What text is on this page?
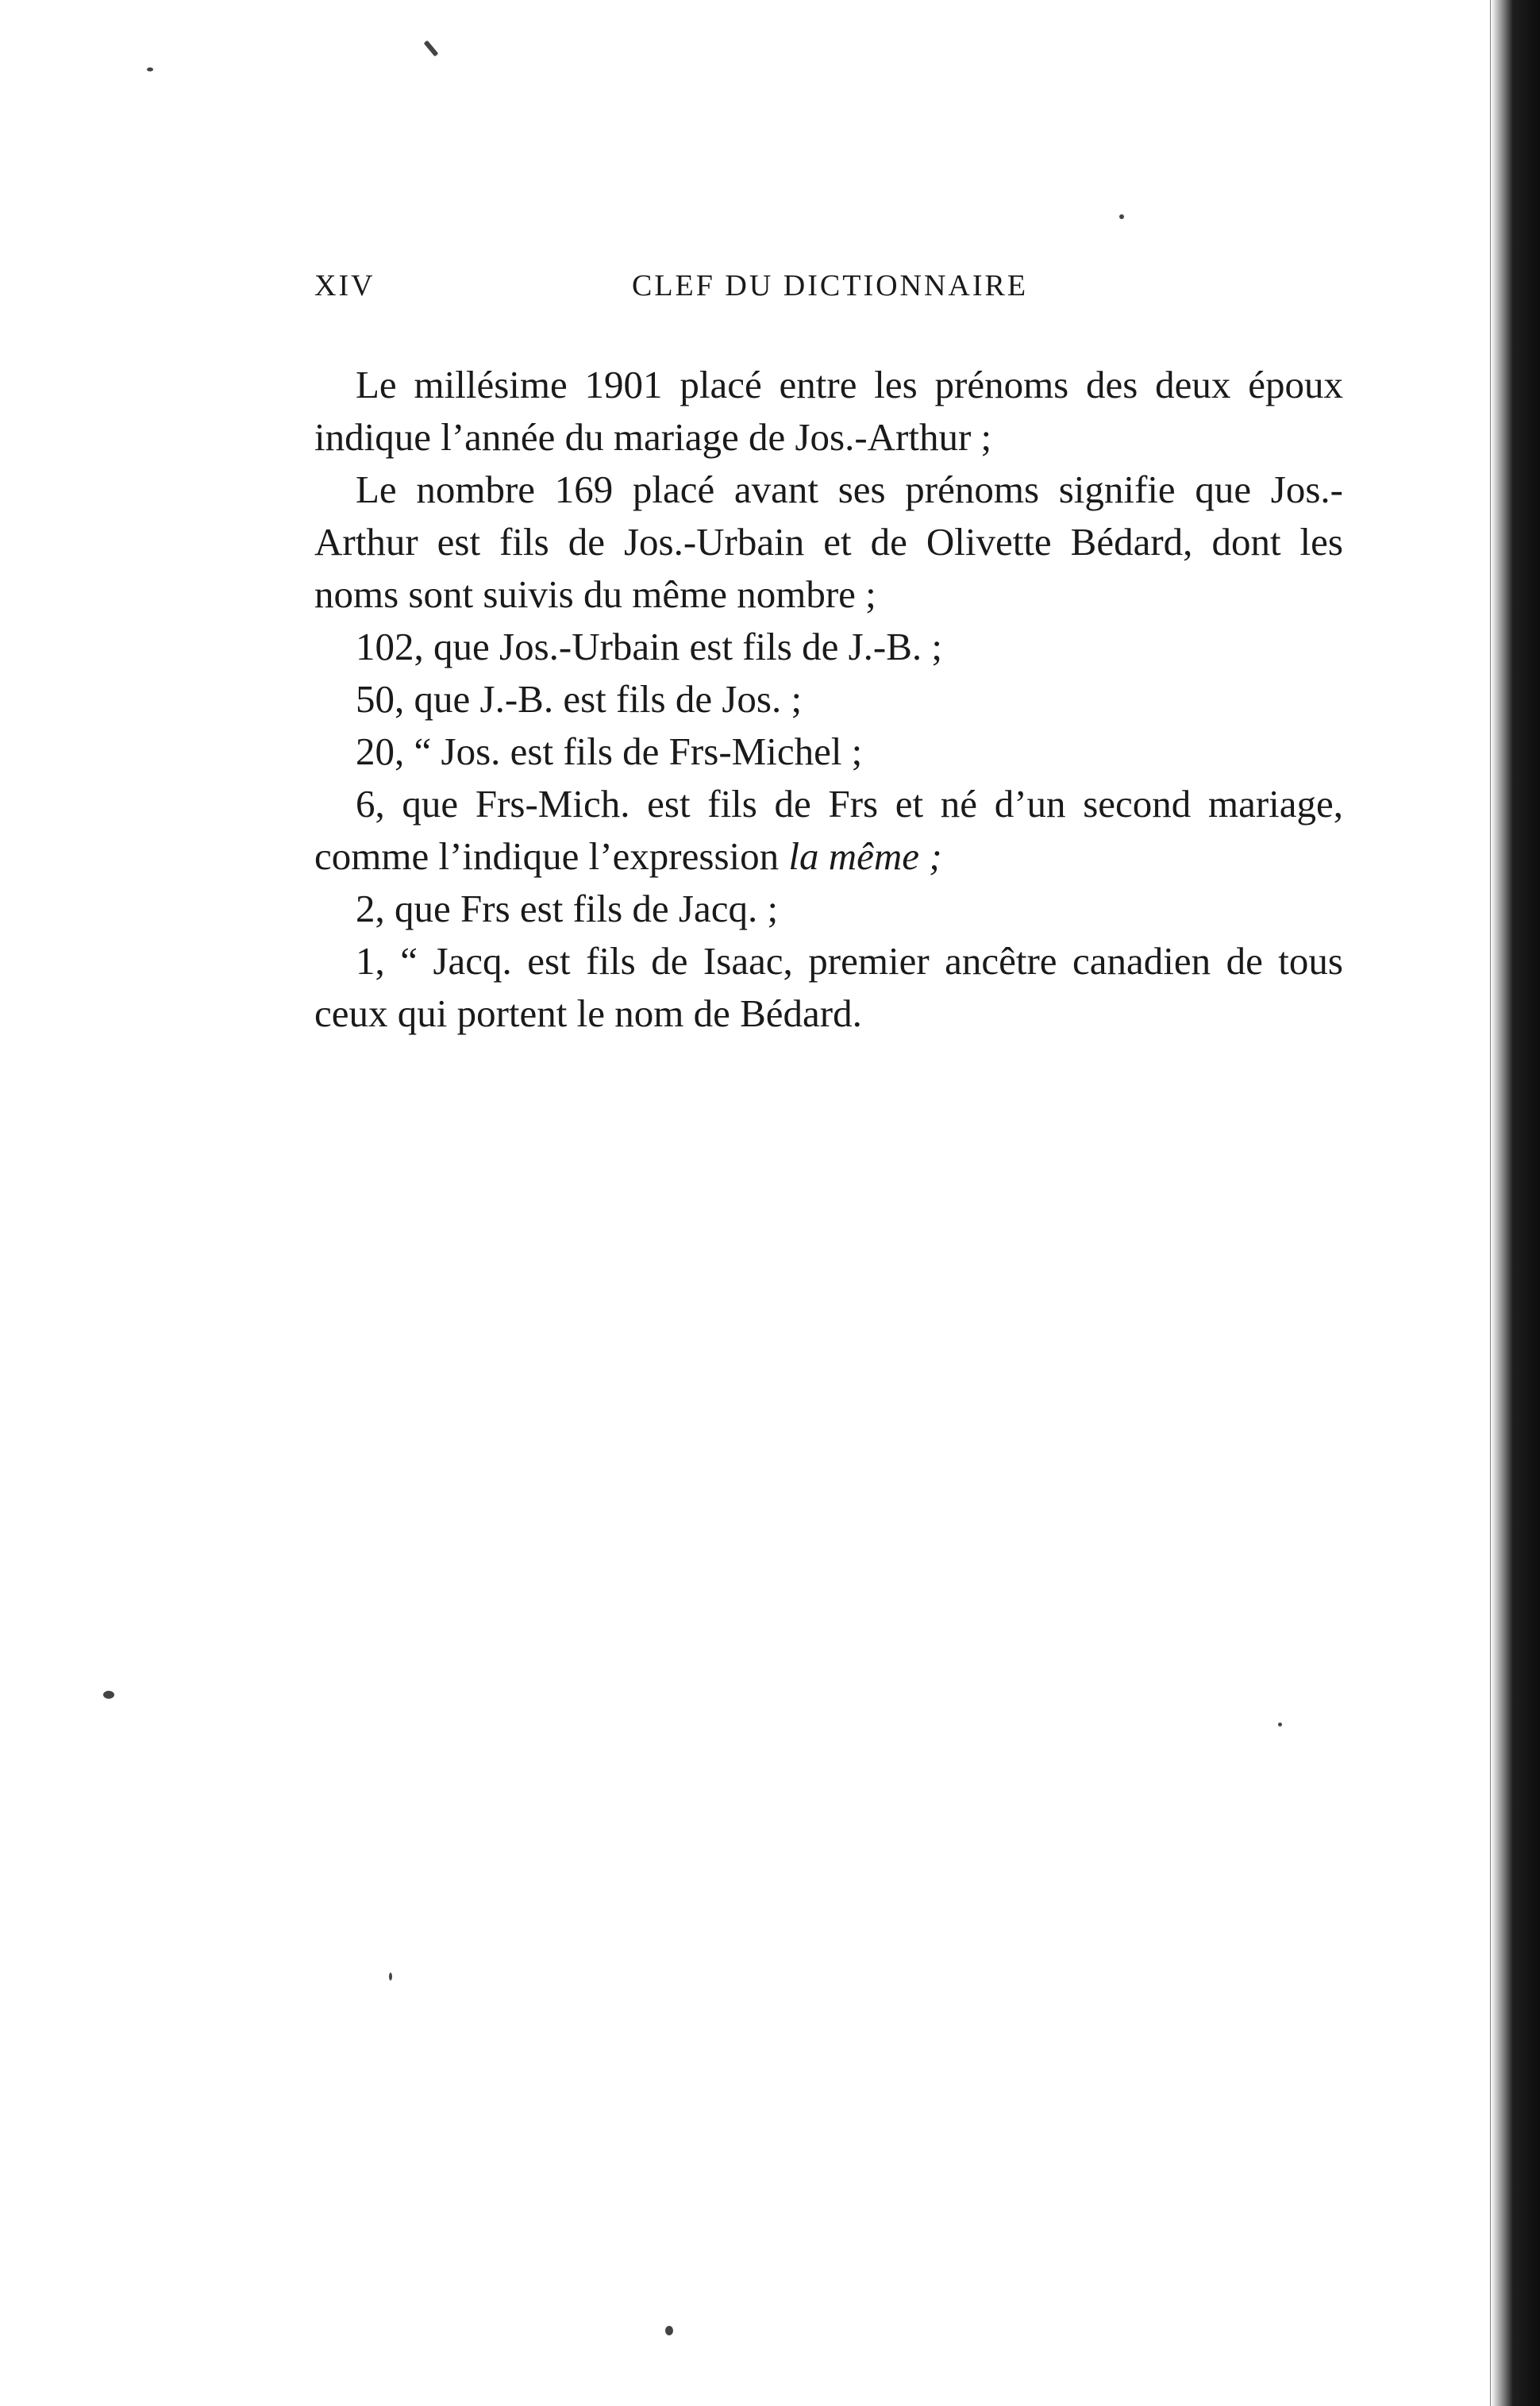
XIV	CLEF DU DICTIONNAIRE

Le millésime 1901 placé entre les prénoms des deux époux indique l’année du mariage de Jos.-Arthur ;

Le nombre 169 placé avant ses prénoms signifie que Jos.-Arthur est fils de Jos.-Urbain et de Olivette Bédard, dont les noms sont suivis du même nombre ;

102, que Jos.-Urbain est fils de J.-B. ;

50, que J.-B. est fils de Jos. ;

20, “ Jos. est fils de Frs-Michel ;

6, que Frs-Mich. est fils de Frs et né d’un second mariage, comme l’indique l’expression la même ;

2, que Frs est fils de Jacq. ;

1, “ Jacq. est fils de Isaac, premier ancêtre canadien de tous ceux qui portent le nom de Bédard.
